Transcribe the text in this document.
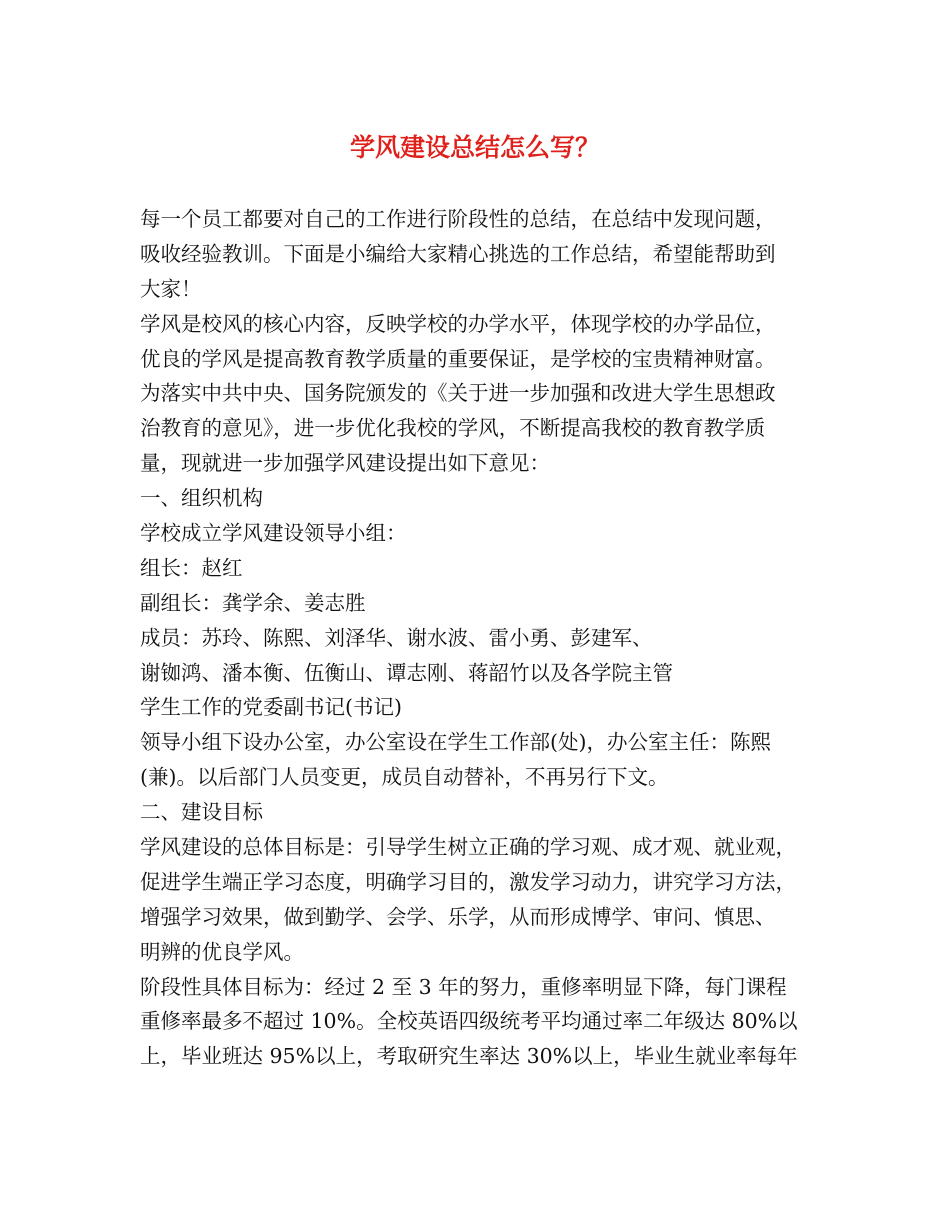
学风建设总结怎么写？

每一个员工都要对自己的工作进行阶段性的总结，在总结中发现问题，

吸收经验教训。下面是小编给大家精心挑选的工作总结，希望能帮助到

大家！

学风是校风的核心内容，反映学校的办学水平，体现学校的办学品位，

优良的学风是提高教育教学质量的重要保证，是学校的宝贵精神财富。

为落实中共中央、国务院颁发的《关于进一步加强和改进大学生思想政

治教育的意见》，进一步优化我校的学风，不断提高我校的教育教学质

量，现就进一步加强学风建设提出如下意见：

一、组织机构

学校成立学风建设领导小组：

组长：赵红

副组长：龚学余、姜志胜

成员：苏玲、陈熙、刘泽华、谢水波、雷小勇、彭建军、

谢铷鸿、潘本衡、伍衡山、谭志刚、蒋韶竹以及各学院主管

学生工作的党委副书记(书记)

领导小组下设办公室，办公室设在学生工作部(处)，办公室主任：陈熙

(兼)。以后部门人员变更，成员自动替补，不再另行下文。

二、建设目标

学风建设的总体目标是：引导学生树立正确的学习观、成才观、就业观，

促进学生端正学习态度，明确学习目的，激发学习动力，讲究学习方法，

增强学习效果，做到勤学、会学、乐学，从而形成博学、审问、慎思、

明辨的优良学风。

阶段性具体目标为：经过 2 至 3 年的努力，重修率明显下降，每门课程

重修率最多不超过 10%。全校英语四级统考平均通过率二年级达 80%以

上，毕业班达 95%以上，考取研究生率达 30%以上，毕业生就业率每年
